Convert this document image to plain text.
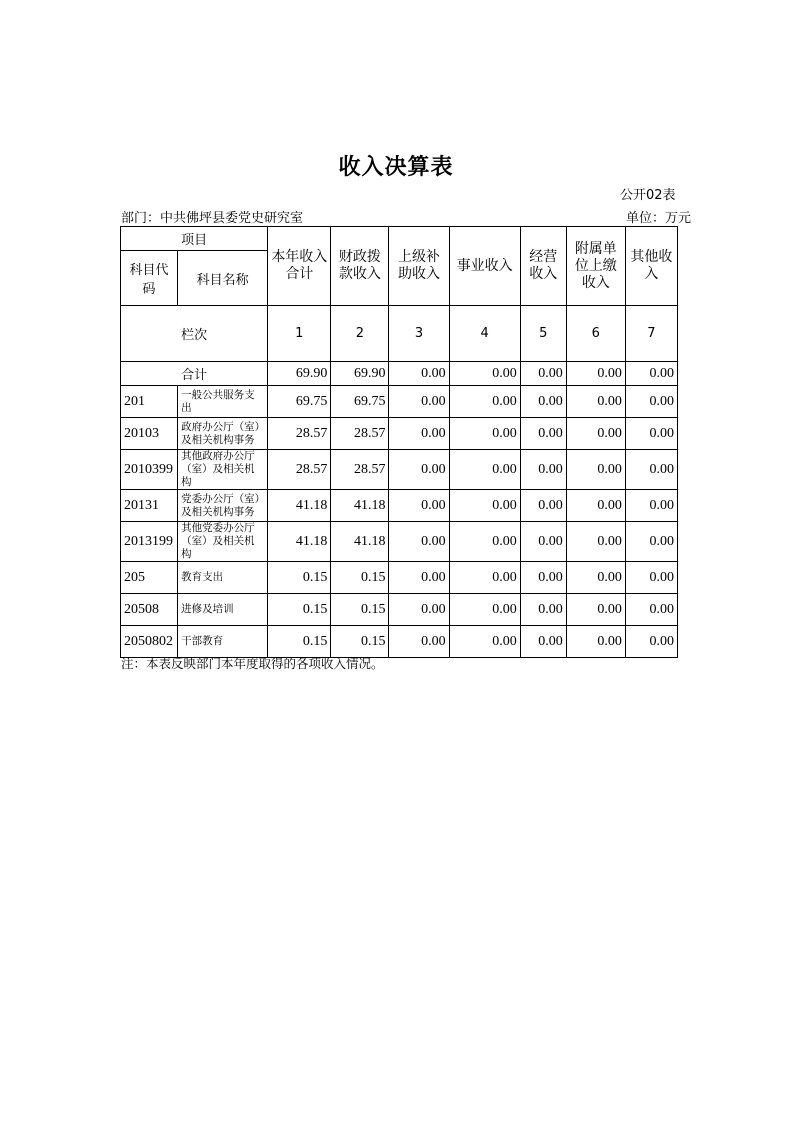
收入决算表
公开02表
部门：中共佛坪县委党史研究室	单位：万元
项目		本年收入合计	财政拨款收入	上级补助收入	事业收入	经营收入	附属单位上缴收入	其他收入
科目代码	科目名称							
栏次		1	2	3	4	5	6	7
合计		69.90	69.90	0.00	0.00	0.00	0.00	0.00
201	一般公共服务支出	69.75	69.75	0.00	0.00	0.00	0.00	0.00
20103	政府办公厅（室）及相关机构事务	28.57	28.57	0.00	0.00	0.00	0.00	0.00
2010399	其他政府办公厅（室）及相关机构	28.57	28.57	0.00	0.00	0.00	0.00	0.00
20131	党委办公厅（室）及相关机构事务	41.18	41.18	0.00	0.00	0.00	0.00	0.00
2013199	其他党委办公厅（室）及相关机构	41.18	41.18	0.00	0.00	0.00	0.00	0.00
205	教育支出	0.15	0.15	0.00	0.00	0.00	0.00	0.00
20508	进修及培训	0.15	0.15	0.00	0.00	0.00	0.00	0.00
2050802	干部教育	0.15	0.15	0.00	0.00	0.00	0.00	0.00
注：本表反映部门本年度取得的各项收入情况。
